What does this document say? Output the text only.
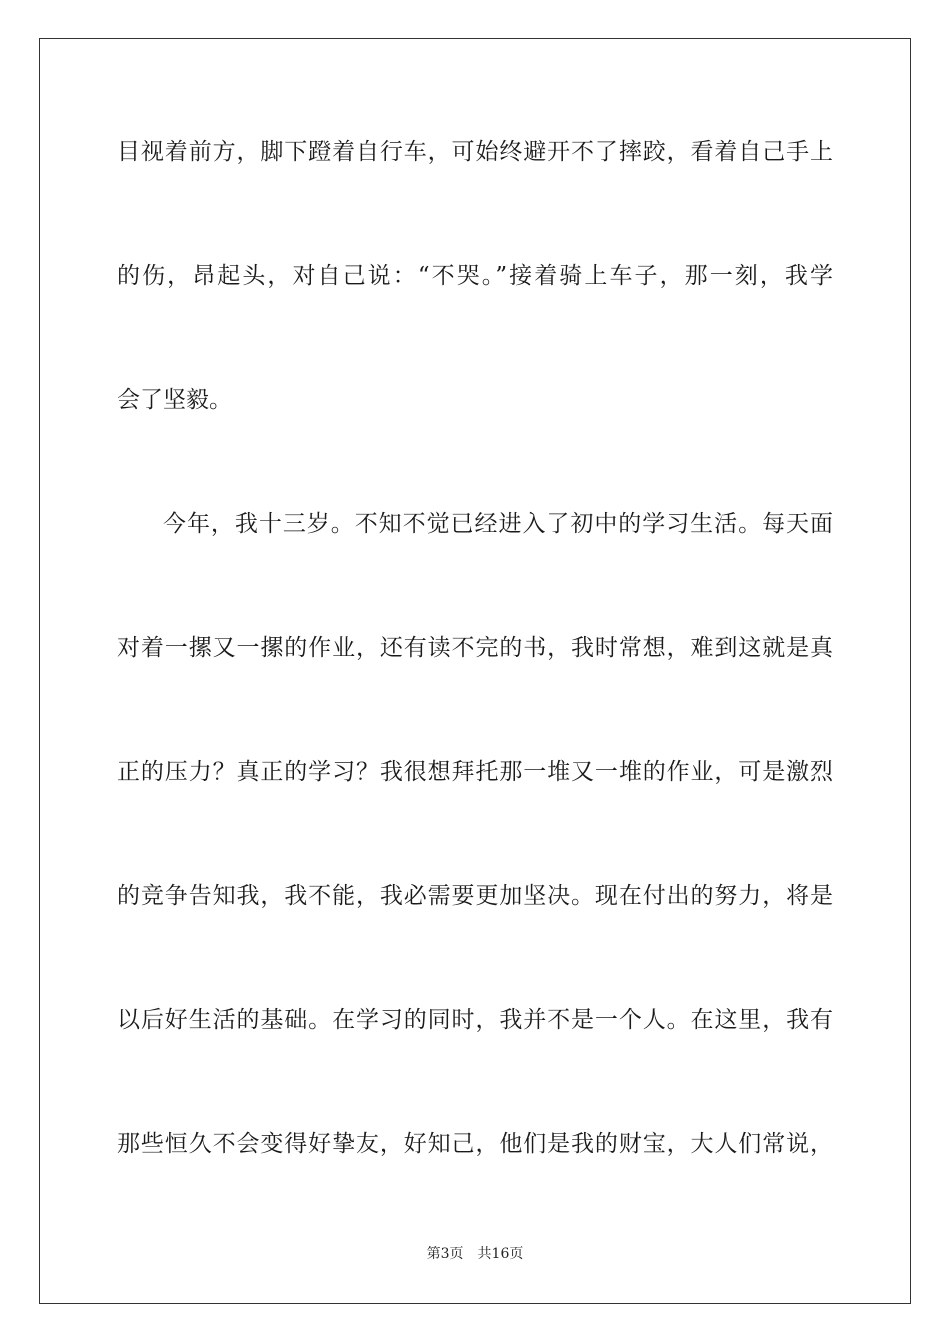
目视着前方，脚下蹬着自行车，可始终避开不了摔跤，看着自己手上
的伤，昂起头，对自己说：“不哭。”接着骑上车子，那一刻，我学
会了坚毅。
今年，我十三岁。不知不觉已经进入了初中的学习生活。每天面
对着一摞又一摞的作业，还有读不完的书，我时常想，难到这就是真
正的压力？真正的学习？我很想拜托那一堆又一堆的作业，可是激烈
的竞争告知我，我不能，我必需要更加坚决。现在付出的努力，将是
以后好生活的基础。在学习的同时，我并不是一个人。在这里，我有
那些恒久不会变得好挚友，好知己，他们是我的财宝，大人们常说，
第3页 共16页
